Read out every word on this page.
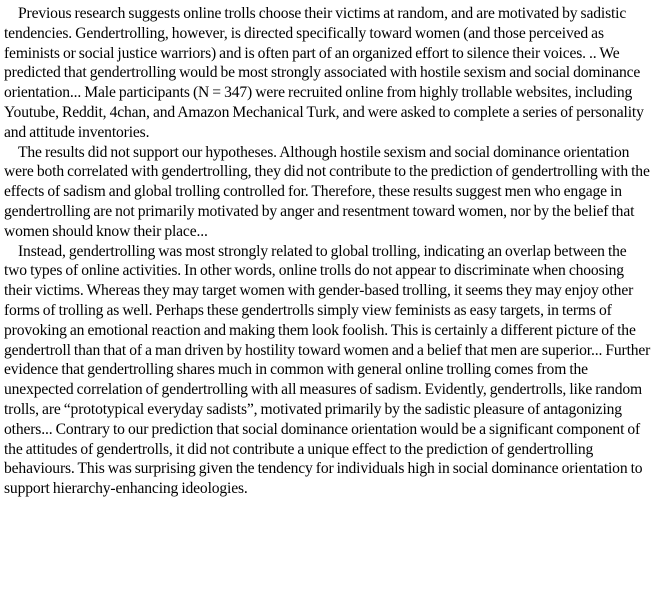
Previous research suggests online trolls choose their victims at random, and are motivated by sadistic tendencies. Gendertrolling, however, is directed specifically toward women (and those perceived as feminists or social justice warriors) and is often part of an organized effort to silence their voices. .. We predicted that gendertrolling would be most strongly associated with hostile sexism and social dominance orientation... Male participants (N = 347) were recruited online from highly trollable websites, including Youtube, Reddit, 4chan, and Amazon Mechanical Turk, and were asked to complete a series of personality and attitude inventories.

The results did not support our hypotheses. Although hostile sexism and social dominance orientation were both correlated with gendertrolling, they did not contribute to the prediction of gendertrolling with the effects of sadism and global trolling controlled for. Therefore, these results suggest men who engage in gendertrolling are not primarily motivated by anger and resentment toward women, nor by the belief that women should know their place...

Instead, gendertrolling was most strongly related to global trolling, indicating an overlap between the two types of online activities. In other words, online trolls do not appear to discriminate when choosing their victims. Whereas they may target women with gender-based trolling, it seems they may enjoy other forms of trolling as well. Perhaps these gendertrolls simply view feminists as easy targets, in terms of provoking an emotional reaction and making them look foolish. This is certainly a different picture of the gendertroll than that of a man driven by hostility toward women and a belief that men are superior... Further evidence that gendertrolling shares much in common with general online trolling comes from the unexpected correlation of gendertrolling with all measures of sadism. Evidently, gendertrolls, like random trolls, are “prototypical everyday sadists”, motivated primarily by the sadistic pleasure of antagonizing others... Contrary to our prediction that social dominance orientation would be a significant component of the attitudes of gendertrolls, it did not contribute a unique effect to the prediction of gendertrolling behaviours. This was surprising given the tendency for individuals high in social dominance orientation to support hierarchy-enhancing ideologies.
